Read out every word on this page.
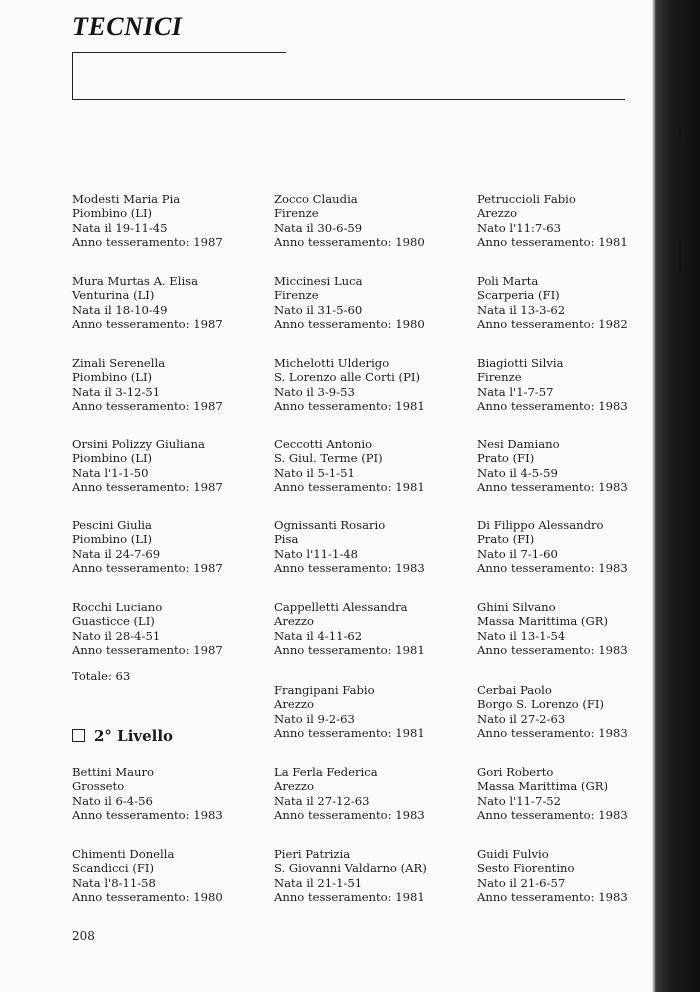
TECNICI
Modesti Maria Pia
Piombino (LI)
Nata il 19-11-45
Anno tesseramento: 1987
Mura Murtas A. Elisa
Venturina (LI)
Nata il 18-10-49
Anno tesseramento: 1987
Zinali Serenella
Piombino (LI)
Nata il 3-12-51
Anno tesseramento: 1987
Orsini Polizzy Giuliana
Piombino (LI)
Nata l'1-1-50
Anno tesseramento: 1987
Pescini Giulia
Piombino (LI)
Nata il 24-7-69
Anno tesseramento: 1987
Rocchi Luciano
Guasticce (LI)
Nato il 28-4-51
Anno tesseramento: 1987
Bettini Mauro
Grosseto
Nato il 6-4-56
Anno tesseramento: 1983
Chimenti Donella
Scandicci (FI)
Nata l'8-11-58
Anno tesseramento: 1980
Totale: 63
2° Livello
Zocco Claudia
Firenze
Nata il 30-6-59
Anno tesseramento: 1980
Miccinesi Luca
Firenze
Nato il 31-5-60
Anno tesseramento: 1980
Michelotti Ulderigo
S. Lorenzo alle Corti (PI)
Nato il 3-9-53
Anno tesseramento: 1981
Ceccotti Antonio
S. Giul. Terme (PI)
Nato il 5-1-51
Anno tesseramento: 1981
Ognissanti Rosario
Pisa
Nato l'11-1-48
Anno tesseramento: 1983
Cappelletti Alessandra
Arezzo
Nata il 4-11-62
Anno tesseramento: 1981
Frangipani Fabio
Arezzo
Nato il 9-2-63
Anno tesseramento: 1981
La Ferla Federica
Arezzo
Nata il 27-12-63
Anno tesseramento: 1983
Pieri Patrizia
S. Giovanni Valdarno (AR)
Nata il 21-1-51
Anno tesseramento: 1981
Petruccioli Fabio
Arezzo
Nato l'11:7-63
Anno tesseramento: 1981
Poli Marta
Scarperia (FI)
Nata il 13-3-62
Anno tesseramento: 1982
Biagiotti Silvia
Firenze
Nata l'1-7-57
Anno tesseramento: 1983
Nesi Damiano
Prato (FI)
Nato il 4-5-59
Anno tesseramento: 1983
Di Filippo Alessandro
Prato (FI)
Nato il 7-1-60
Anno tesseramento: 1983
Ghini Silvano
Massa Marittima (GR)
Nato il 13-1-54
Anno tesseramento: 1983
Cerbai Paolo
Borgo S. Lorenzo (FI)
Nato il 27-2-63
Anno tesseramento: 1983
Gori Roberto
Massa Marittima (GR)
Nato l'11-7-52
Anno tesseramento: 1983
Guidi Fulvio
Sesto Fiorentino
Nato il 21-6-57
Anno tesseramento: 1983
208
